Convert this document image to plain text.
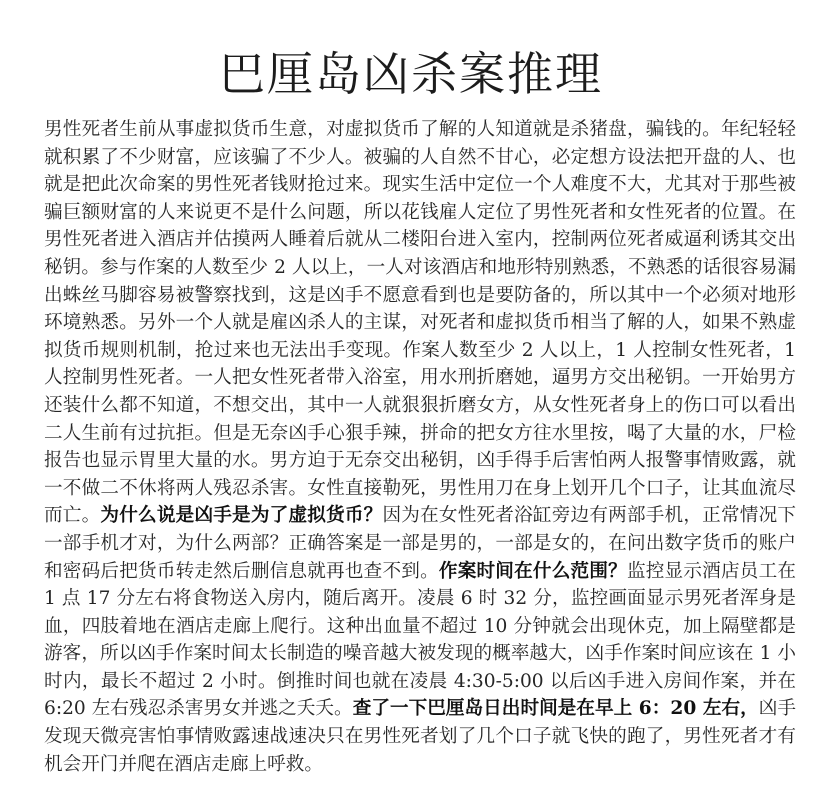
巴厘岛凶杀案推理

男性死者生前从事虚拟货币生意，对虚拟货币了解的人知道就是杀猪盘，骗钱的。年纪轻轻就积累了不少财富，应该骗了不少人。被骗的人自然不甘心，必定想方设法把开盘的人、也就是把此次命案的男性死者钱财抢过来。现实生活中定位一个人难度不大，尤其对于那些被骗巨额财富的人来说更不是什么问题，所以花钱雇人定位了男性死者和女性死者的位置。在男性死者进入酒店并估摸两人睡着后就从二楼阳台进入室内，控制两位死者威逼利诱其交出秘钥。参与作案的人数至少 2 人以上，一人对该酒店和地形特别熟悉，不熟悉的话很容易漏出蛛丝马脚容易被警察找到，这是凶手不愿意看到也是要防备的，所以其中一个必须对地形环境熟悉。另外一个人就是雇凶杀人的主谋，对死者和虚拟货币相当了解的人，如果不熟虚拟货币规则机制，抢过来也无法出手变现。作案人数至少 2 人以上，1 人控制女性死者，1 人控制男性死者。一人把女性死者带入浴室，用水刑折磨她，逼男方交出秘钥。一开始男方还装什么都不知道，不想交出，其中一人就狠狠折磨女方，从女性死者身上的伤口可以看出二人生前有过抗拒。但是无奈凶手心狠手辣，拼命的把女方往水里按，喝了大量的水，尸检报告也显示胃里大量的水。男方迫于无奈交出秘钥，凶手得手后害怕两人报警事情败露，就一不做二不休将两人残忍杀害。女性直接勒死，男性用刀在身上划开几个口子，让其血流尽而亡。为什么说是凶手是为了虚拟货币？因为在女性死者浴缸旁边有两部手机，正常情况下一部手机才对，为什么两部？正确答案是一部是男的，一部是女的，在问出数字货币的账户和密码后把货币转走然后删信息就再也查不到。作案时间在什么范围？监控显示酒店员工在 1 点 17 分左右将食物送入房内，随后离开。凌晨 6 时 32 分，监控画面显示男死者浑身是血，四肢着地在酒店走廊上爬行。这种出血量不超过 10 分钟就会出现休克，加上隔壁都是游客，所以凶手作案时间太长制造的噪音越大被发现的概率越大，凶手作案时间应该在 1 小时内，最长不超过 2 小时。倒推时间也就在凌晨 4:30-5:00 以后凶手进入房间作案，并在 6:20 左右残忍杀害男女并逃之夭夭。查了一下巴厘岛日出时间是在早上 6：20 左右，凶手发现天微亮害怕事情败露速战速决只在男性死者划了几个口子就飞快的跑了，男性死者才有机会开门并爬在酒店走廊上呼救。
